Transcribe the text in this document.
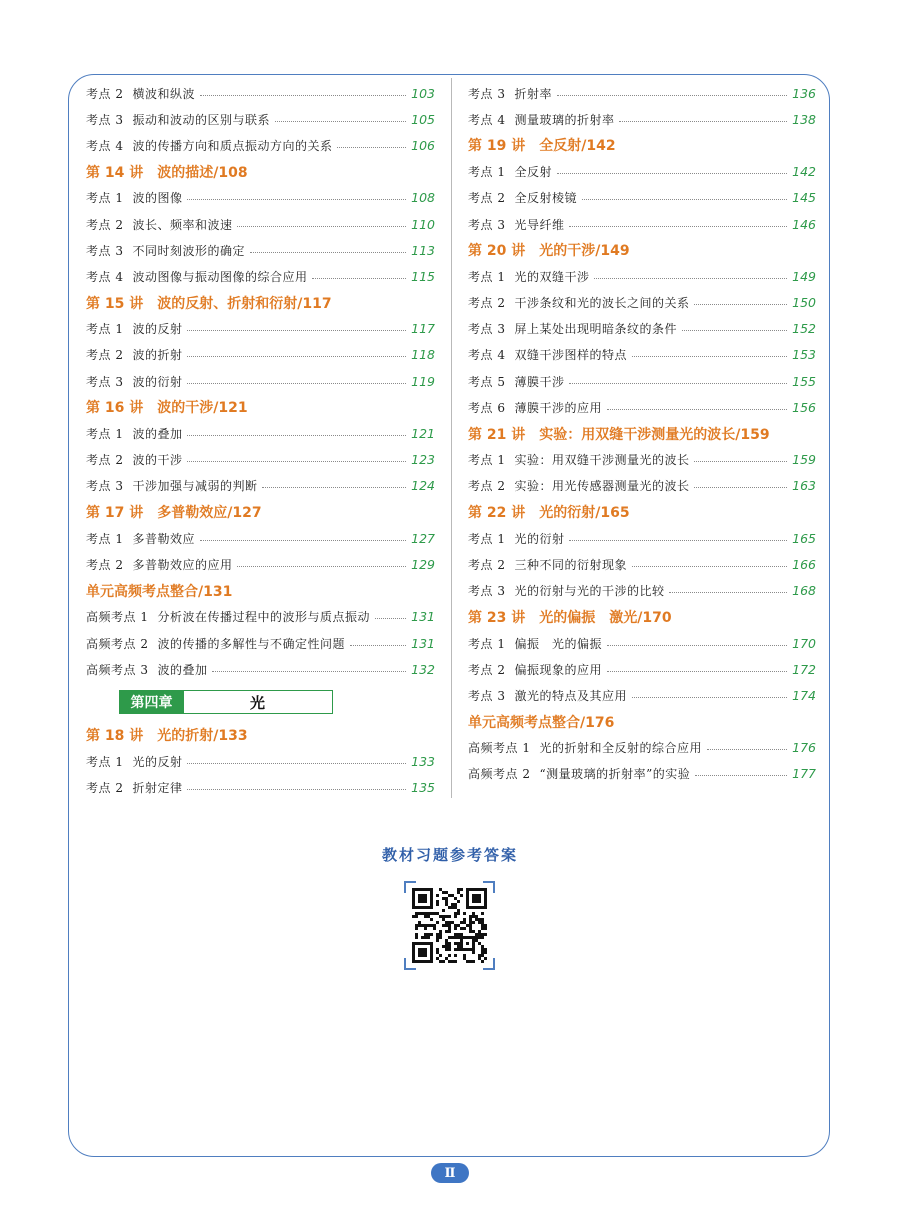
考点 2 横波和纵波	103
考点 3 振动和波动的区别与联系	105
考点 4 波的传播方向和质点振动方向的关系	106
第 14 讲　波的描述/108
考点 1 波的图像	108
考点 2 波长、频率和波速	110
考点 3 不同时刻波形的确定	113
考点 4 波动图像与振动图像的综合应用	115
第 15 讲　波的反射、折射和衍射/117
考点 1 波的反射	117
考点 2 波的折射	118
考点 3 波的衍射	119
第 16 讲　波的干涉/121
考点 1 波的叠加	121
考点 2 波的干涉	123
考点 3 干涉加强与减弱的判断	124
第 17 讲　多普勒效应/127
考点 1 多普勒效应	127
考点 2 多普勒效应的应用	129
单元高频考点整合/131
高频考点 1 分析波在传播过程中的波形与质点振动	131
高频考点 2 波的传播的多解性与不确定性问题	131
高频考点 3 波的叠加	132
第四章	光
第 18 讲　光的折射/133
考点 1 光的反射	133
考点 2 折射定律	135
考点 3 折射率	136
考点 4 测量玻璃的折射率	138
第 19 讲　全反射/142
考点 1 全反射	142
考点 2 全反射棱镜	145
考点 3 光导纤维	146
第 20 讲　光的干涉/149
考点 1 光的双缝干涉	149
考点 2 干涉条纹和光的波长之间的关系	150
考点 3 屏上某处出现明暗条纹的条件	152
考点 4 双缝干涉图样的特点	153
考点 5 薄膜干涉	155
考点 6 薄膜干涉的应用	156
第 21 讲　实验：用双缝干涉测量光的波长/159
考点 1 实验：用双缝干涉测量光的波长	159
考点 2 实验：用光传感器测量光的波长	163
第 22 讲　光的衍射/165
考点 1 光的衍射	165
考点 2 三种不同的衍射现象	166
考点 3 光的衍射与光的干涉的比较	168
第 23 讲　光的偏振　激光/170
考点 1 偏振　光的偏振	170
考点 2 偏振现象的应用	172
考点 3 激光的特点及其应用	174
单元高频考点整合/176
高频考点 1 光的折射和全反射的综合应用	176
高频考点 2 “测量玻璃的折射率”的实验	177
教材习题参考答案
Ⅱ
